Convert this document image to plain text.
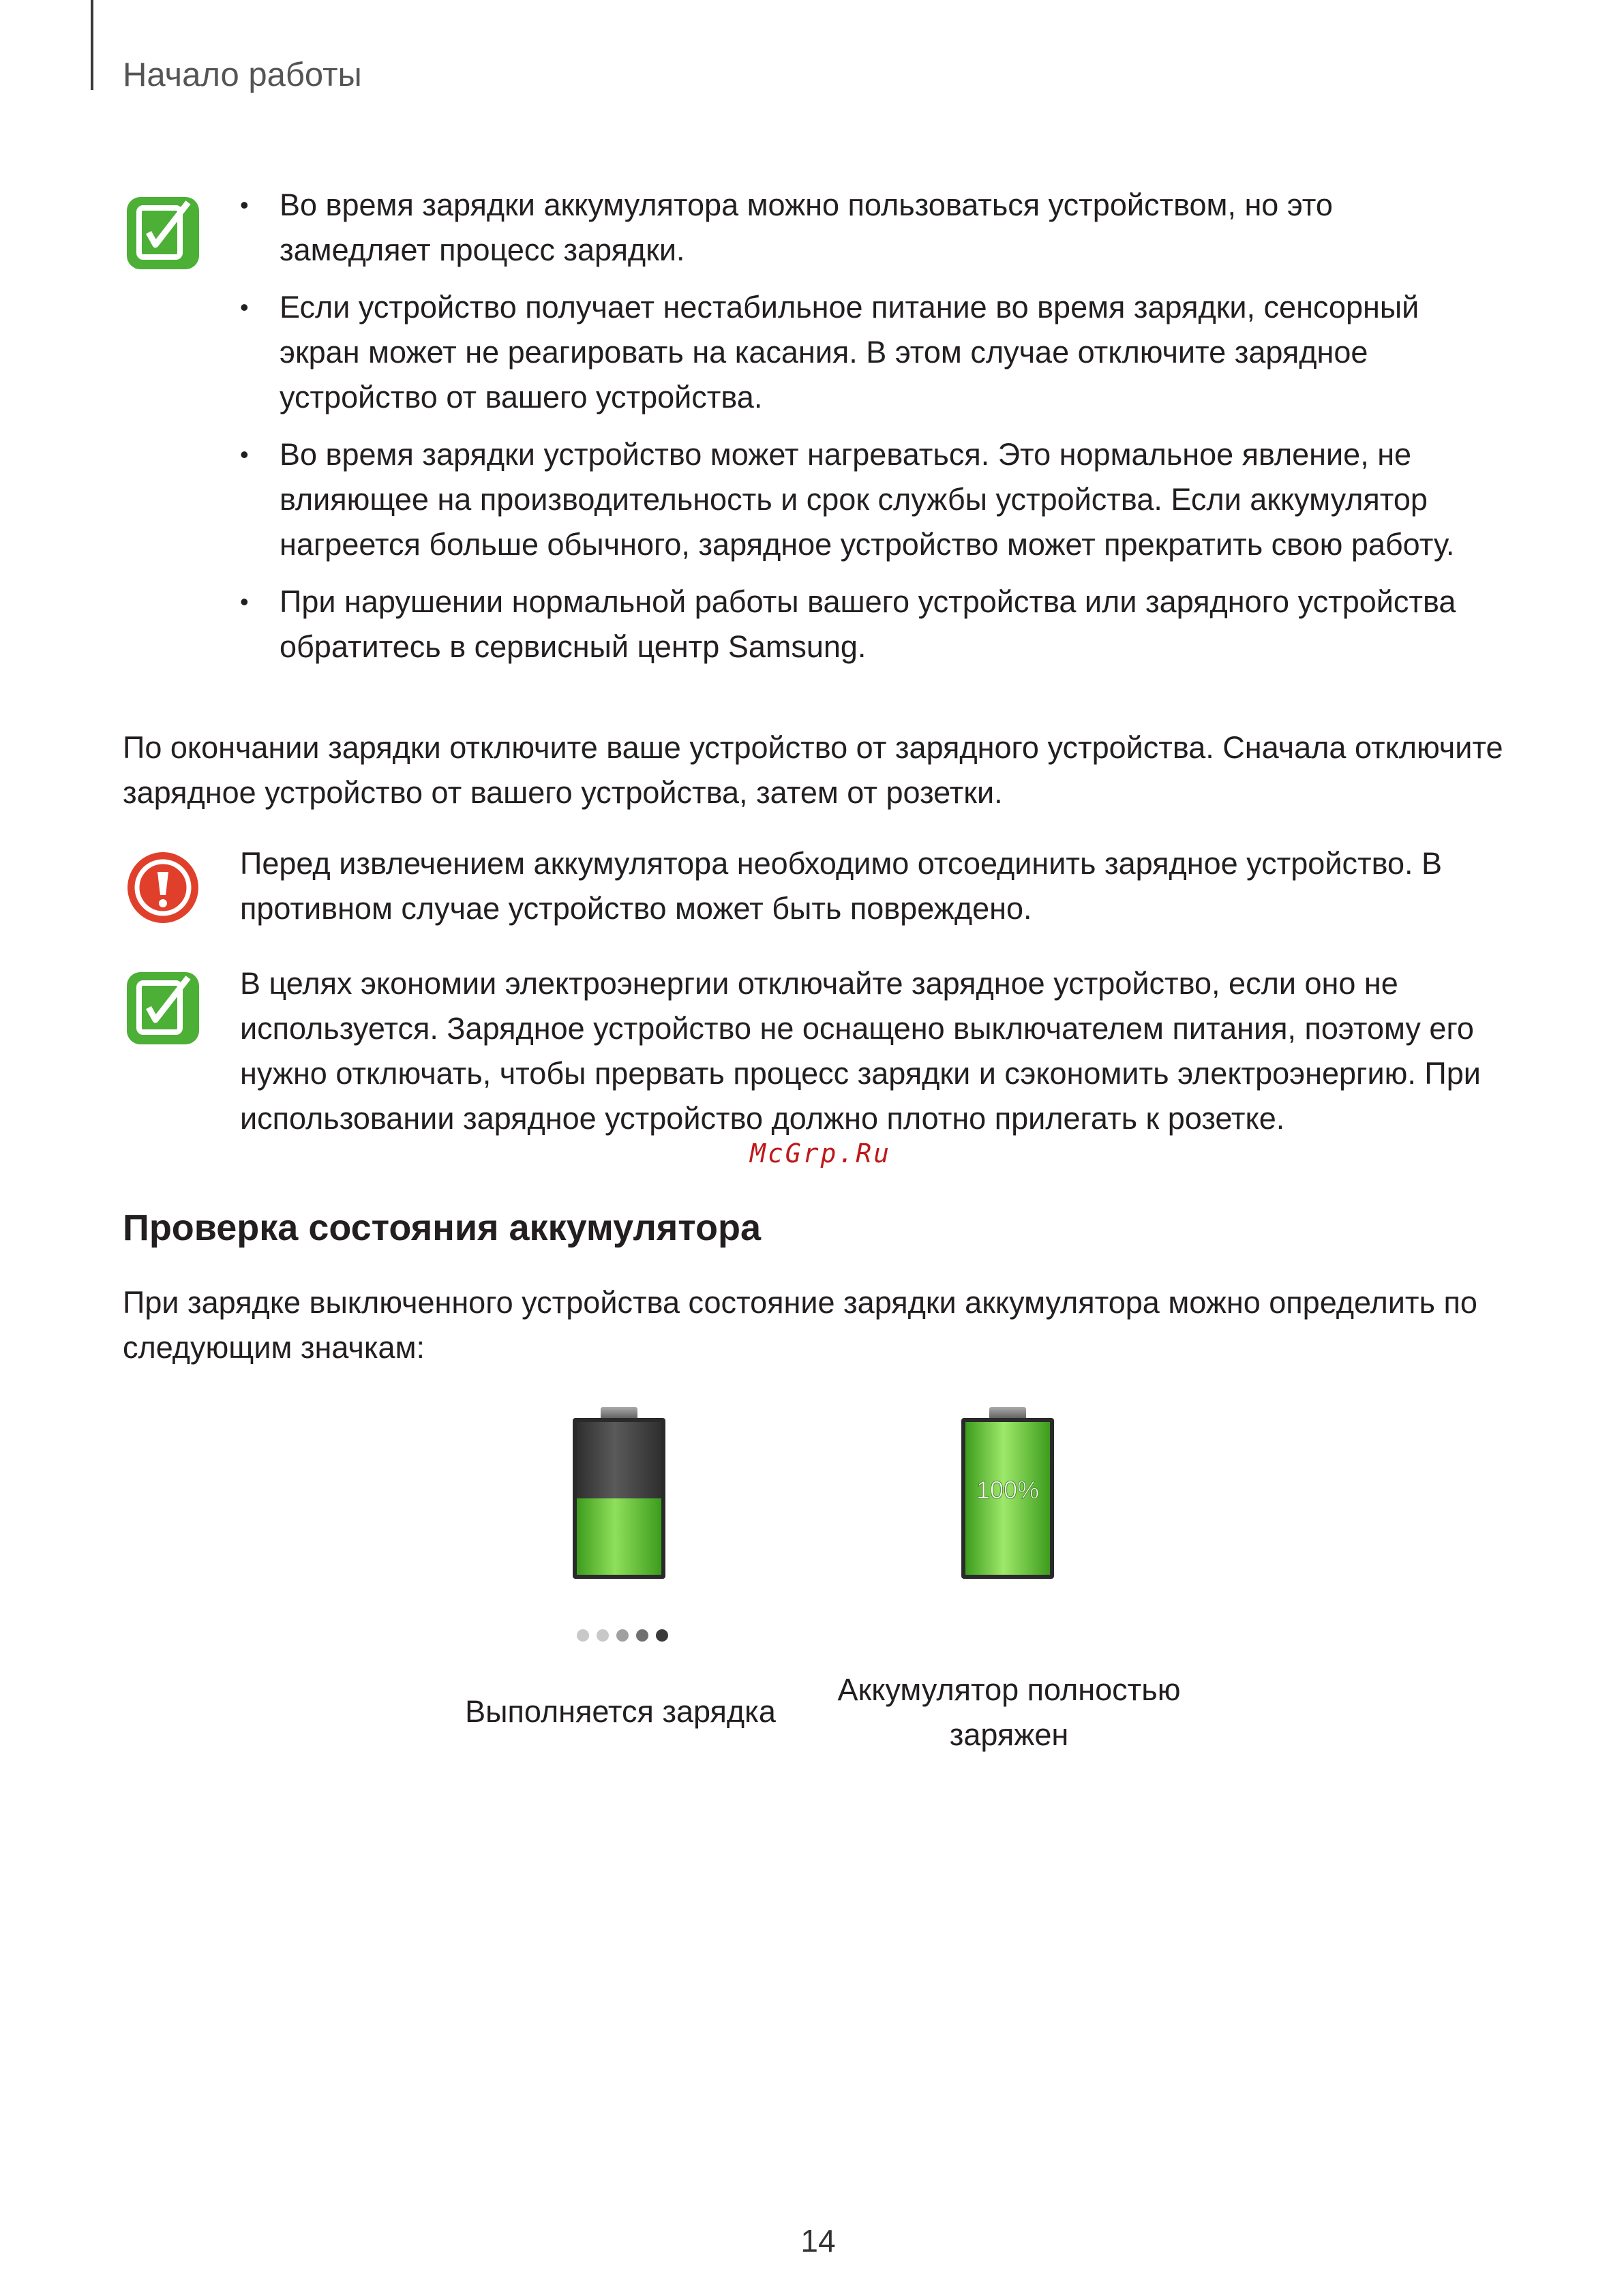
Начало работы
• Во время зарядки аккумулятора можно пользоваться устройством, но это замедляет процесс зарядки.
• Если устройство получает нестабильное питание во время зарядки, сенсорный экран может не реагировать на касания. В этом случае отключите зарядное устройство от вашего устройства.
• Во время зарядки устройство может нагреваться. Это нормальное явление, не влияющее на производительность и срок службы устройства. Если аккумулятор нагреется больше обычного, зарядное устройство может прекратить свою работу.
• При нарушении нормальной работы вашего устройства или зарядного устройства обратитесь в сервисный центр Samsung.

По окончании зарядки отключите ваше устройство от зарядного устройства. Сначала отключите зарядное устройство от вашего устройства, затем от розетки.

Перед извлечением аккумулятора необходимо отсоединить зарядное устройство. В противном случае устройство может быть повреждено.

В целях экономии электроэнергии отключайте зарядное устройство, если оно не используется. Зарядное устройство не оснащено выключателем питания, поэтому его нужно отключать, чтобы прервать процесс зарядки и сэкономить электроэнергию. При использовании зарядное устройство должно плотно прилегать к розетке.

McGrp.Ru
Проверка состояния аккумулятора

При зарядке выключенного устройства состояние зарядки аккумулятора можно определить по следующим значкам:

Выполняется зарядка
100%
Аккумулятор полностью заряжен
14
